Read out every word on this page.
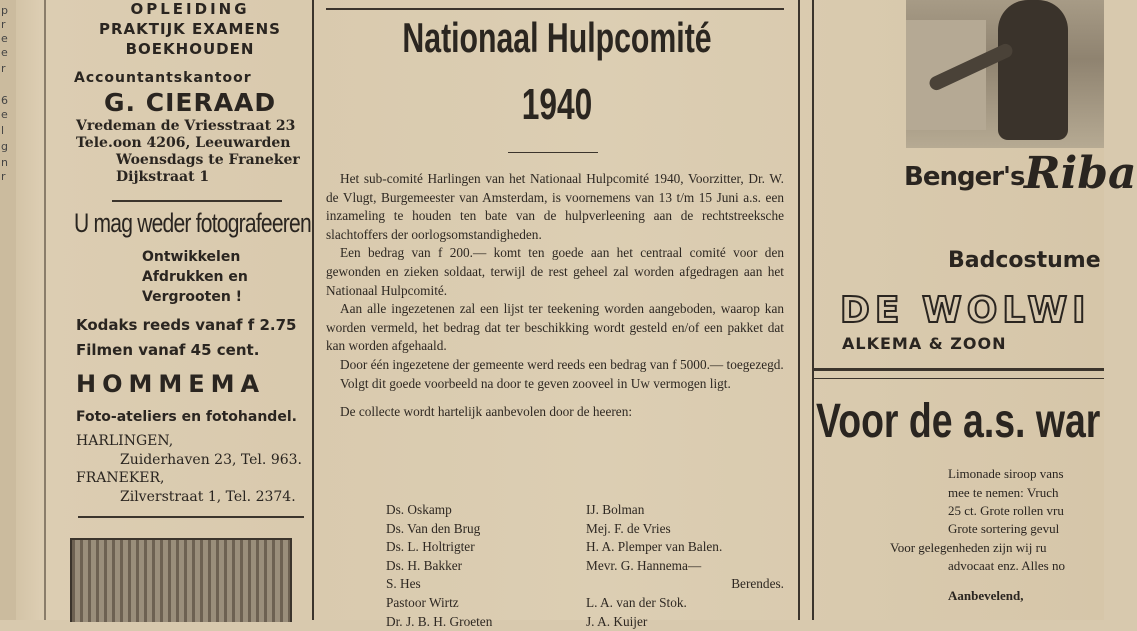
p
r
e
e
r
6
e
l
g
n
r
OPLEIDING
PRAKTIJK EXAMENS
BOEKHOUDEN
Accountantskantoor
G. CIERAAD
Vredeman de Vriesstraat 23
Tele.oon 4206, Leeuwarden
Woensdags te Franeker
Dijkstraat 1
U mag weder fotografeeren
Ontwikkelen
Afdrukken en
Vergrooten !
Kodaks reeds vanaf f 2.75
Filmen vanaf 45 cent.
HOMMEMA
Foto-ateliers en fotohandel.
HARLINGEN,
Zuiderhaven 23, Tel. 963.
FRANEKER,
Zilverstraat 1, Tel. 2374.
Nationaal Hulpcomité
1940

Het sub-comité Harlingen van het Nationaal Hulpcomité 1940, Voorzitter, Dr. W. de Vlugt, Burgemeester van Amsterdam, is voornemens van 13 t/m 15 Juni a.s. een inzameling te houden ten bate van de hulpverleening aan de rechtstreeksche slachtoffers der oorlogsomstandigheden.

Een bedrag van f 200.— komt ten goede aan het centraal comité voor den gewonden en zieken soldaat, terwijl de rest geheel zal worden afgedragen aan het Nationaal Hulpcomité.

Aan alle ingezetenen zal een lijst ter teekening worden aangeboden, waarop kan worden vermeld, het bedrag dat ter beschikking wordt gesteld en/of een pakket dat kan worden afgehaald.

Door één ingezetene der gemeente werd reeds een bedrag van f 5000.— toegezegd.

Volgt dit goede voorbeeld na door te geven zooveel in Uw vermogen ligt.

De collecte wordt hartelijk aanbevolen door de heeren:

Ds. Oskamp
Ds. Van den Brug
Ds. L. Holtrigter
Ds. H. Bakker
S. Hes
Pastoor Wirtz
Dr. J. B. H. Groeten
IJ. Bolman
Mej. F. de Vries
H. A. Plemper van Balen.
Mevr. G. Hannema—
Berendes.
L. A. van der Stok.
J. A. Kuijer
Benger's Riba
Badcostume
DE WOLWI
ALKEMA & ZOON
Voor de a.s. war
Limonade siroop vans
mee te nemen: Vruch
25 ct. Grote rollen vru
Grote sortering gevul
Voor gelegenheden zijn wij ru
advocaat enz. Alles no
Aanbevelend,
